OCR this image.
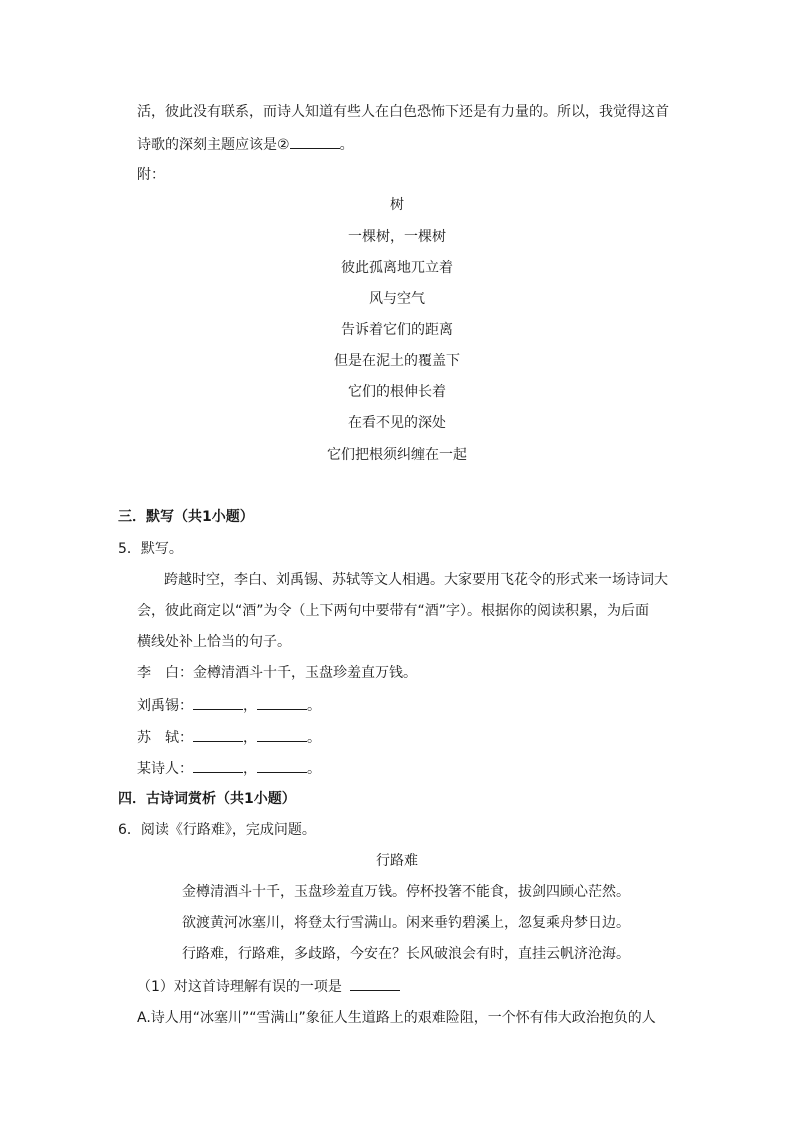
活，彼此没有联系，而诗人知道有些人在白色恐怖下还是有力量的。所以，我觉得这首
诗歌的深刻主题应该是②	。
附：
树
一棵树，一棵树
彼此孤离地兀立着
风与空气
告诉着它们的距离
但是在泥土的覆盖下
它们的根伸长着
在看不见的深处
它们把根须纠缠在一起
三．默写（共1小题）
5．默写。
跨越时空，李白、刘禹锡、苏轼等文人相遇。大家要用飞花令的形式来一场诗词大
会，彼此商定以“酒”为令（上下两句中要带有“酒”字）。根据你的阅读积累，为后面
横线处补上恰当的句子。
李　白：金樽清酒斗十千，玉盘珍羞直万钱。
刘禹锡：	，	。
苏　轼：	，	。
某诗人：	，	。
四．古诗词赏析（共1小题）
6．阅读《行路难》，完成问题。
行路难
金樽清酒斗十千，玉盘珍羞直万钱。停杯投箸不能食，拔剑四顾心茫然。
欲渡黄河冰塞川，将登太行雪满山。闲来垂钓碧溪上，忽复乘舟梦日边。
行路难，行路难，多歧路，今安在？长风破浪会有时，直挂云帆济沧海。
（1）对这首诗理解有误的一项是
A.诗人用“冰塞川”“雪满山”象征人生道路上的艰难险阻，一个怀有伟大政治抱负的人
